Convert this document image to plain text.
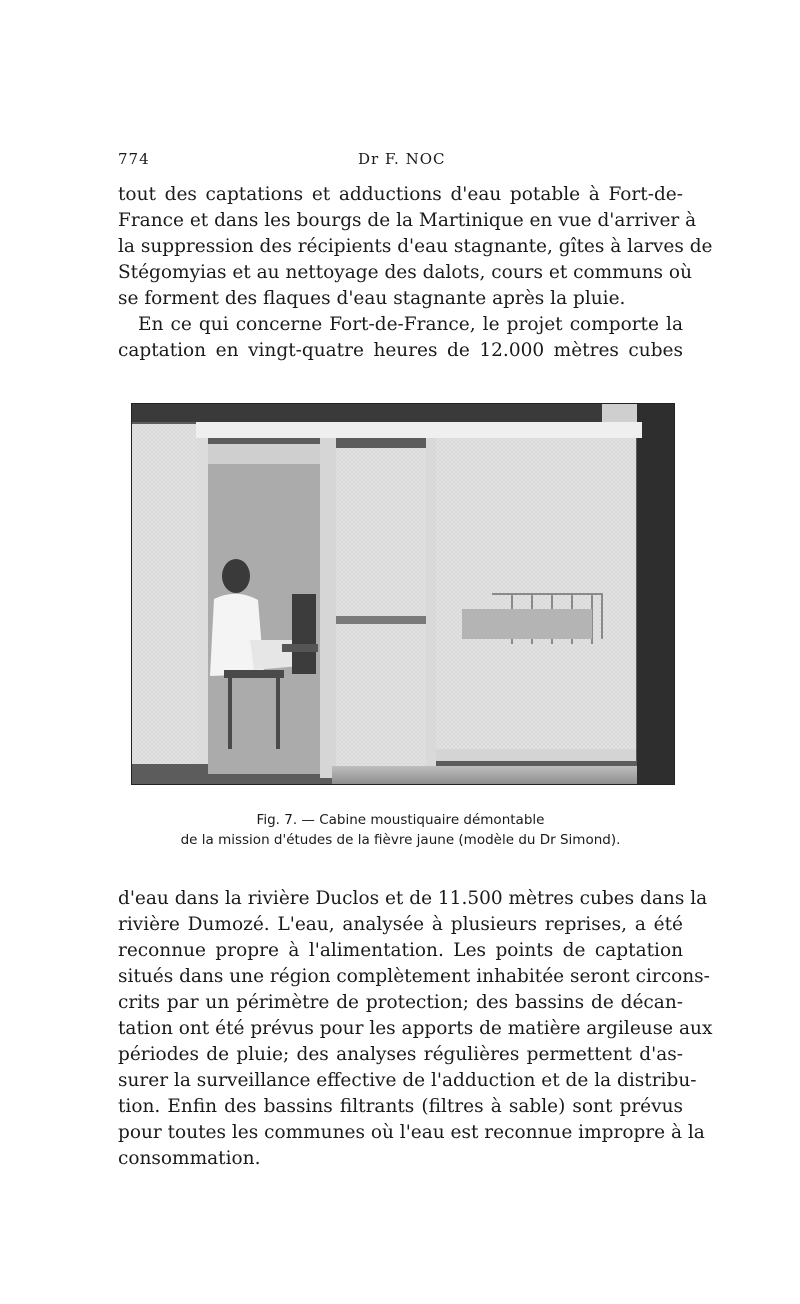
774	Dr F. NOC
tout des captations et adductions d'eau potable à Fort-de-
France et dans les bourgs de la Martinique en vue d'arriver à
la suppression des récipients d'eau stagnante, gîtes à larves de
Stégomyias et au nettoyage des dalots, cours et communs où
se forment des flaques d'eau stagnante après la pluie.
En ce qui concerne Fort-de-France, le projet comporte la
captation en vingt-quatre heures de 12.000 mètres cubes
Fig. 7. — Cabine moustiquaire démontable
de la mission d'études de la fièvre jaune (modèle du Dr Simond).
d'eau dans la rivière Duclos et de 11.500 mètres cubes dans la
rivière Dumozé. L'eau, analysée à plusieurs reprises, a été
reconnue propre à l'alimentation. Les points de captation
situés dans une région complètement inhabitée seront circons-
crits par un périmètre de protection; des bassins de décan-
tation ont été prévus pour les apports de matière argileuse aux
périodes de pluie; des analyses régulières permettent d'as-
surer la surveillance effective de l'adduction et de la distribu-
tion. Enfin des bassins filtrants (filtres à sable) sont prévus
pour toutes les communes où l'eau est reconnue impropre à la
consommation.
